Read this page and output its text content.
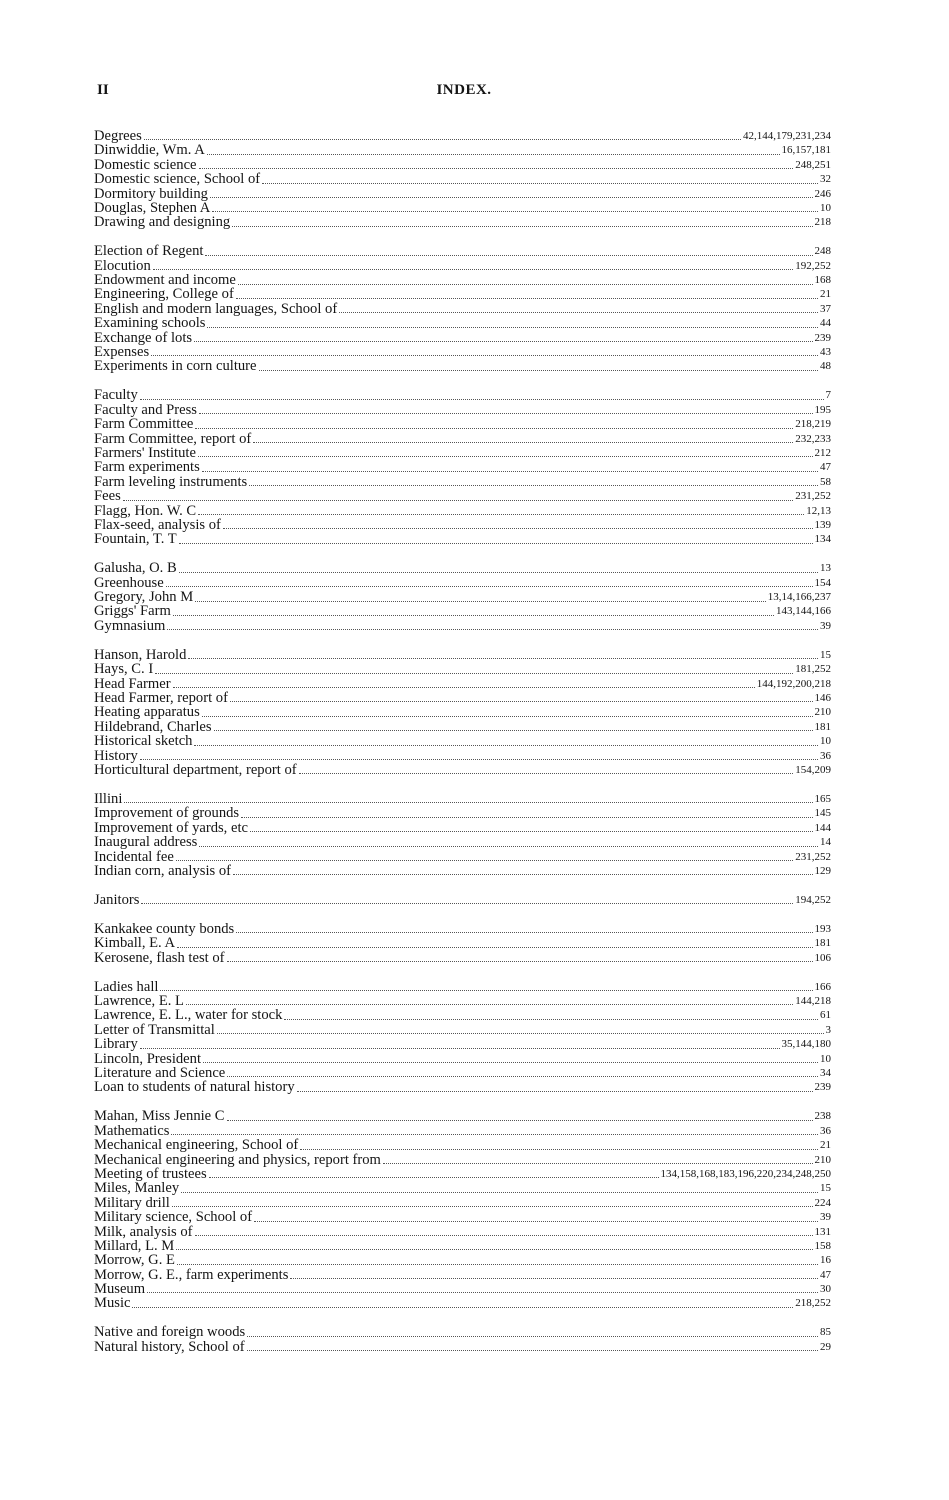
II	INDEX.
Degrees	42,144,179,231,234
Dinwiddie, Wm. A	16,157,181
Domestic science	248,251
Domestic science, School of	32
Dormitory building	246
Douglas, Stephen A	10
Drawing and designing	218
Election of Regent	248
Elocution	192,252
Endowment and income	168
Engineering, College of	21
English and modern languages, School of	37
Examining schools	44
Exchange of lots	239
Expenses	43
Experiments in corn culture	48
Faculty	7
Faculty and Press	195
Farm Committee	218,219
Farm Committee, report of	232,233
Farmers' Institute	212
Farm experiments	47
Farm leveling instruments	58
Fees	231,252
Flagg, Hon. W. C	12,13
Flax-seed, analysis of	139
Fountain, T. T	134
Galusha, O. B	13
Greenhouse	154
Gregory, John M	13,14,166,237
Griggs' Farm	143,144,166
Gymnasium	39
Hanson, Harold	15
Hays, C. I	181,252
Head Farmer	144,192,200,218
Head Farmer, report of	146
Heating apparatus	210
Hildebrand, Charles	181
Historical sketch	10
History	36
Horticultural department, report of	154,209
Illini	165
Improvement of grounds	145
Improvement of yards, etc	144
Inaugural address	14
Incidental fee	231,252
Indian corn, analysis of	129
Janitors	194,252
Kankakee county bonds	193
Kimball, E. A	181
Kerosene, flash test of	106
Ladies hall	166
Lawrence, E. L	144,218
Lawrence, E. L., water for stock	61
Letter of Transmittal	3
Library	35,144,180
Lincoln, President	10
Literature and Science	34
Loan to students of natural history	239
Mahan, Miss Jennie C	238
Mathematics	36
Mechanical engineering, School of	21
Mechanical engineering and physics, report from	210
Meeting of trustees	134,158,168,183,196,220,234,248,250
Miles, Manley	15
Military drill	224
Military science, School of	39
Milk, analysis of	131
Millard, L. M	158
Morrow, G. E	16
Morrow, G. E., farm experiments	47
Museum	30
Music	218,252
Native and foreign woods	85
Natural history, School of	29
